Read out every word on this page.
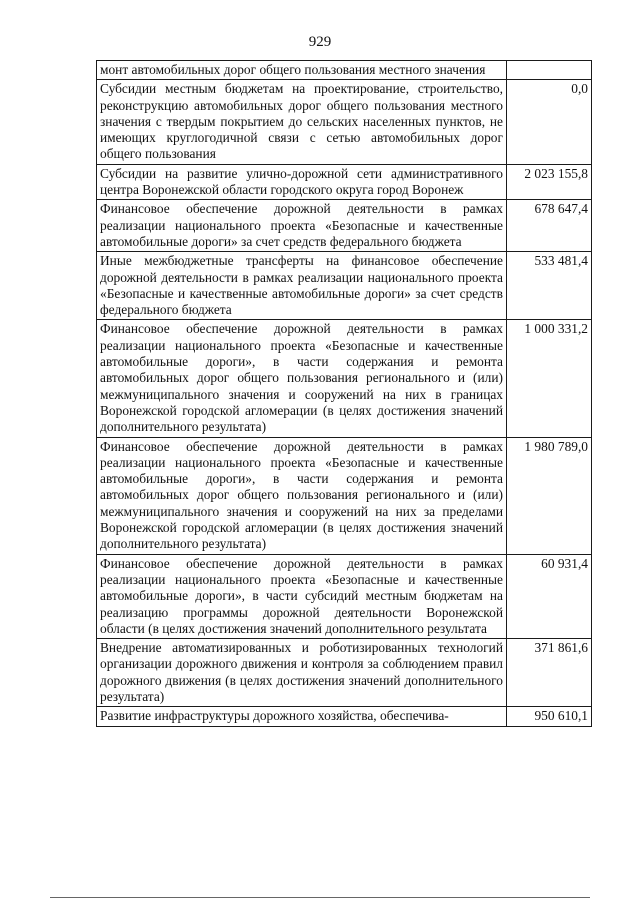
929
монт автомобильных дорог общего пользования местного значения	
Субсидии местным бюджетам на проектирование, строительство, реконструкцию автомобильных дорог общего пользования местного значения с твердым покрытием до сельских населенных пунктов, не имеющих круглогодичной связи с сетью автомобильных дорог общего пользования	0,0
Субсидии на развитие улично-дорожной сети административного центра Воронежской области городского округа город Воронеж	2 023 155,8
Финансовое обеспечение дорожной деятельности в рамках реализации национального проекта «Безопасные и качественные автомобильные дороги» за счет средств федерального бюджета	678 647,4
Иные межбюджетные трансферты на финансовое обеспечение дорожной деятельности в рамках реализации национального проекта «Безопасные и качественные автомобильные дороги» за счет средств федерального бюджета	533 481,4
Финансовое обеспечение дорожной деятельности в рамках реализации национального проекта «Безопасные и качественные автомобильные дороги», в части содержания и ремонта автомобильных дорог общего пользования регионального и (или) межмуниципального значения и сооружений на них в границах Воронежской городской агломерации (в целях достижения значений дополнительного результата)	1 000 331,2
Финансовое обеспечение дорожной деятельности в рамках реализации национального проекта «Безопасные и качественные автомобильные дороги», в части содержания и ремонта автомобильных дорог общего пользования регионального и (или) межмуниципального значения и сооружений на них за пределами Воронежской городской агломерации (в целях достижения значений дополнительного результата)	1 980 789,0
Финансовое обеспечение дорожной деятельности в рамках реализации национального проекта «Безопасные и качественные автомобильные дороги», в части субсидий местным бюджетам на реализацию программы дорожной деятельности Воронежской области (в целях достижения значений дополнительного результата	60 931,4
Внедрение автоматизированных и роботизированных технологий организации дорожного движения и контроля за соблюдением правил дорожного движения (в целях достижения значений дополнительного результата)	371 861,6
Развитие инфраструктуры дорожного хозяйства, обеспечива-	950 610,1
